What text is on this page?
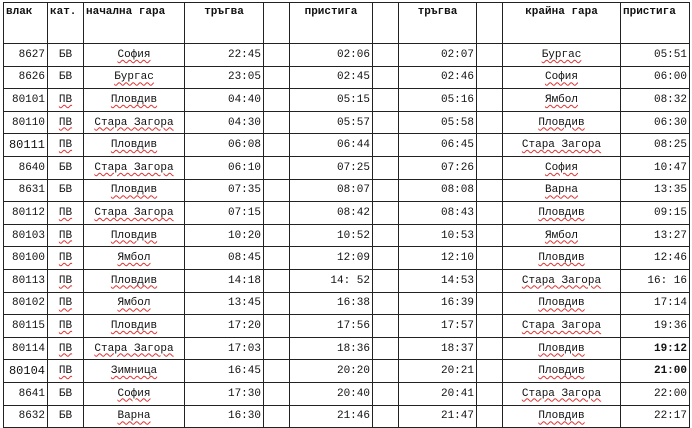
влак	кат.	начална гара	тръгва		пристига		тръгва		крайна гара	пристига
8627	БВ	София	22:45		02:06		02:07		Бургас	05:51
8626	БВ	Бургас	23:05		02:45		02:46		София	06:00
80101	ПВ	Пловдив	04:40		05:15		05:16		Ямбол	08:32
80110	ПВ	Стара Загора	04:30		05:57		05:58		Пловдив	06:30
80111	ПВ	Пловдив	06:08		06:44		06:45		Стара Загора	08:25
8640	БВ	Стара Загора	06:10		07:25		07:26		София	10:47
8631	БВ	Пловдив	07:35		08:07		08:08		Варна	13:35
80112	ПВ	Стара Загора	07:15		08:42		08:43		Пловдив	09:15
80103	ПВ	Пловдив	10:20		10:52		10:53		Ямбол	13:27
80100	ПВ	Ямбол	08:45		12:09		12:10		Пловдив	12:46
80113	ПВ	Пловдив	14:18		14: 52		14:53		Стара Загора	16: 16
80102	ПВ	Ямбол	13:45		16:38		16:39		Пловдив	17:14
80115	ПВ	Пловдив	17:20		17:56		17:57		Стара Загора	19:36
80114	ПВ	Стара Загора	17:03		18:36		18:37		Пловдив	19:12
80104	ПВ	Зимница	16:45		20:20		20:21		Пловдив	21:00
8641	БВ	София	17:30		20:40		20:41		Стара Загора	22:00
8632	БВ	Варна	16:30		21:46		21:47		Пловдив	22:17
